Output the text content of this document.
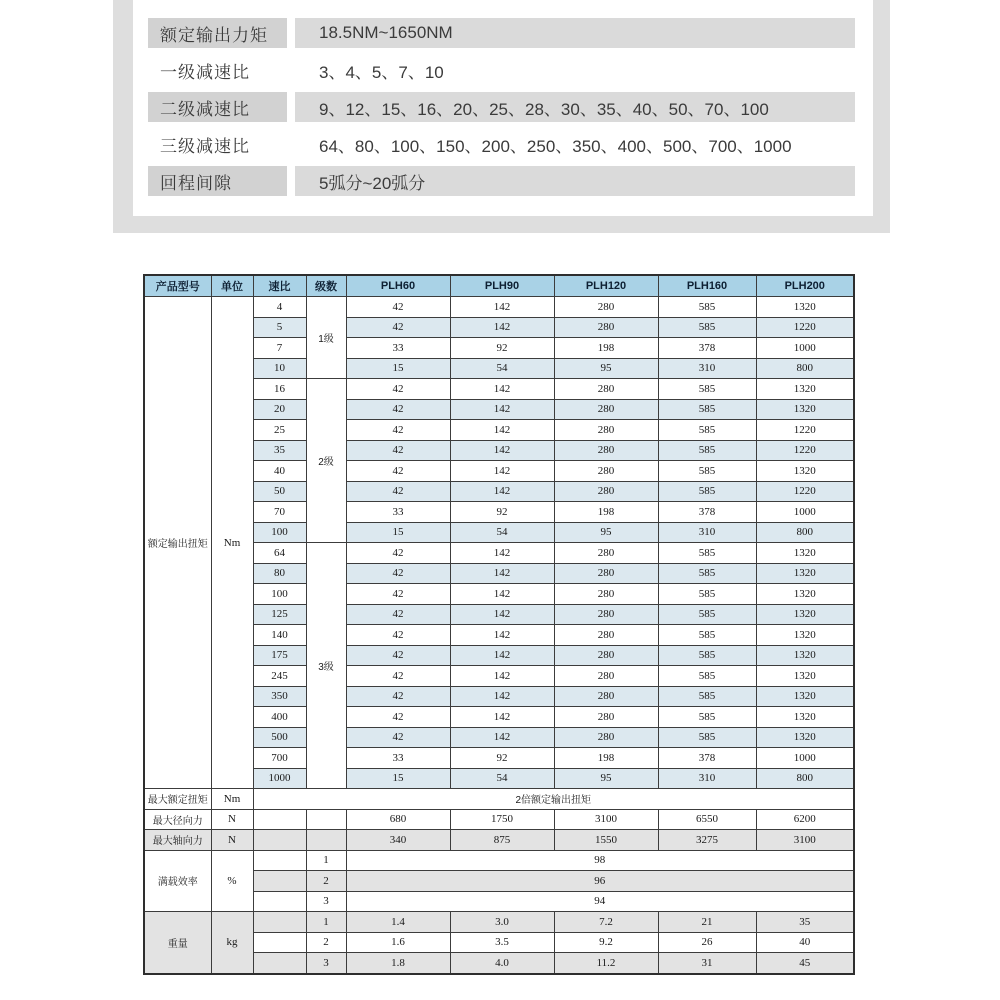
额定输出力矩	18.5NM~1650NM
一级减速比	3、4、5、7、10
二级减速比	9、12、15、16、20、25、28、30、35、40、50、70、100
三级减速比	64、80、100、150、200、250、350、400、500、700、1000
回程间隙	5弧分~20弧分
产品型号	单位	速比	级数	PLH60	PLH90	PLH120	PLH160	PLH200
额定输出扭矩	Nm	4	1级	42	142	280	585	1320
		5		42	142	280	585	1220
		7		33	92	198	378	1000
		10		15	54	95	310	800
		16	2级	42	142	280	585	1320
		20		42	142	280	585	1320
		25		42	142	280	585	1220
		35		42	142	280	585	1220
		40		42	142	280	585	1320
		50		42	142	280	585	1220
		70		33	92	198	378	1000
		100		15	54	95	310	800
		64	3级	42	142	280	585	1320
		80		42	142	280	585	1320
		100		42	142	280	585	1320
		125		42	142	280	585	1320
		140		42	142	280	585	1320
		175		42	142	280	585	1320
		245		42	142	280	585	1320
		350		42	142	280	585	1320
		400		42	142	280	585	1320
		500		42	142	280	585	1320
		700		33	92	198	378	1000
		1000		15	54	95	310	800
最大额定扭矩	Nm	2倍额定输出扭矩						
最大径向力	N			680	1750	3100	6550	6200
最大轴向力	N			340	875	1550	3275	3100
满载效率	%		1	98				
			2	96				
			3	94				
重量	kg		1	1.4	3.0	7.2	21	35
			2	1.6	3.5	9.2	26	40
			3	1.8	4.0	11.2	31	45
